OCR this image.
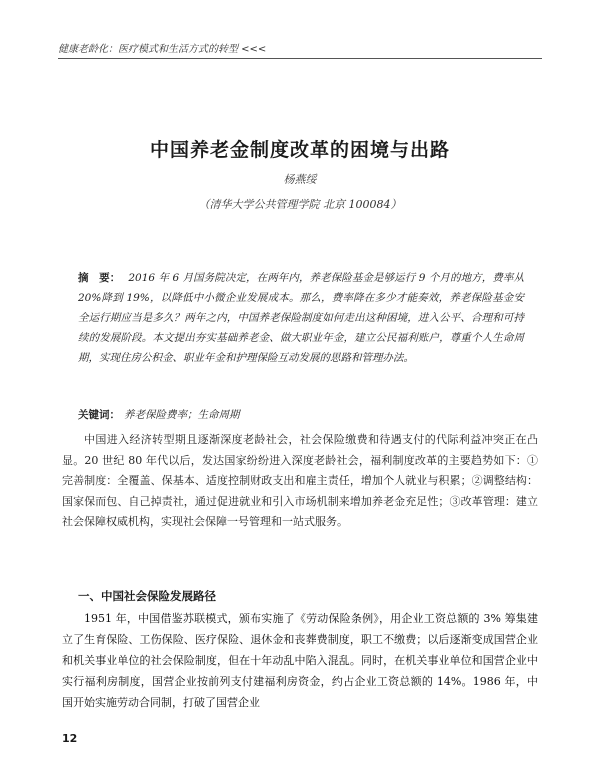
健康老龄化：医疗模式和生活方式的转型 <<<
中国养老金制度改革的困境与出路
杨燕绥
（清华大学公共管理学院 北京 100084）
摘　要： 2016 年 6 月国务院决定，在两年内，养老保险基金是够运行 9 个月的地方，费率从 20%降到 19%，以降低中小微企业发展成本。那么，费率降在多少才能奏效，养老保险基金安全运行期应当是多久？两年之内，中国养老保险制度如何走出这种困境，进入公平、合理和可持续的发展阶段。本文提出夯实基础养老金、做大职业年金，建立公民福利账户，尊重个人生命周期，实现住房公积金、职业年金和护理保险互动发展的思路和管理办法。
关键词： 养老保险费率；生命周期
中国进入经济转型期且逐渐深度老龄社会，社会保险缴费和待遇支付的代际利益冲突正在凸显。20 世纪 80 年代以后，发达国家纷纷进入深度老龄社会，福利制度改革的主要趋势如下：①完善制度：全覆盖、保基本、适度控制财政支出和雇主责任，增加个人就业与积累；②调整结构：国家保而包、自己掉责社，通过促进就业和引入市场机制来增加养老金充足性；③改革管理：建立社会保障权威机构，实现社会保障一号管理和一站式服务。
一、中国社会保险发展路径
1951 年，中国借鉴苏联模式，颁布实施了《劳动保险条例》，用企业工资总额的 3% 筹集建立了生育保险、工伤保险、医疗保险、退休金和丧葬费制度，职工不缴费；以后逐渐变成国营企业和机关事业单位的社会保险制度，但在十年动乱中陷入混乱。同时，在机关事业单位和国营企业中实行福利房制度，国营企业按前列支付建福利房资金，约占企业工资总额的 14%。1986 年，中国开始实施劳动合同制，打破了国营企业
12
